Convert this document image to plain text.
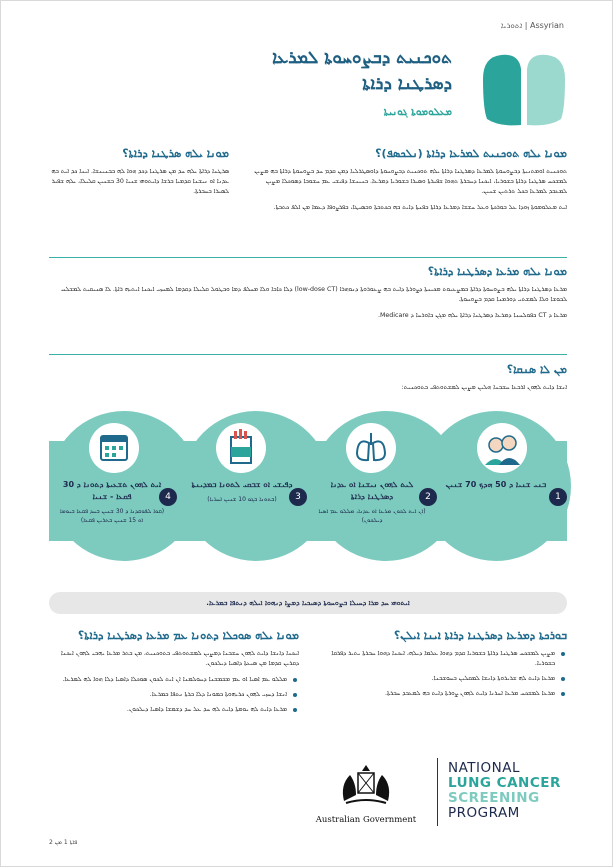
Assyrian | ܐܬܘܪܝܐ
ܬܘܟܢܝܬ ܕܒܨܘܚܘܬܐ ܠܡܪܥܐ
ܕܣܪܛܢܐ ܕܪܐܬܐ
ܡܥܠܘܡܘܬܐ ܓܘܢܝܬܐ
ܡܘܢܐ ܝܠܗ ܣܪܛܢܐ ܕܪܐܬܐ؟
ܣܪܛܢܐ ܕܪܐܬܐ ܝܠܗ ܚܕ ܡܢ ܣܪܛܢܐ ܕܟܕ ܗܘܐ ܠܗ ܒܒܢܝܢܫܐ. ܐܝܢܐ ܟܕ ܐܝܬ ܒܗ ܥܕܢܐ ܐܘ ܢܝܫܢܐ ܩܕܡܝܐ ܒܪܫܐ ܕܐܝܬܘܗܝ ܫܢܝܐ 30 ܒܫܢܝܢ ܩܠܝܠܐ، ܝܠܗ ܫܦܝܪ ܠܣܝܪܐ ܒܚܒܪܬܐ.
ܡܘܢܐ ܝܠܗ ܬܘܟܢܝܬ ܠܡܪܥܐ ܕܪܐܬܐ (ܢܠܟܣܦ)؟
ܬܘܟܢܝܬ ܐܘܡܬܢܝܬܐ ܕܒܨܘܚܘܬܐ ܠܡܪܥܐ ܕܣܪܛܢܐ ܕܪܐܬܐ ܝܠܗ ܬܘܟܢܝܬ ܕܒܨܘܚܘܬܐ ܕܐܘܣܛܪܠܝܐ ܕܡܢ ܩܕܡ ܚܕ ܒܨܘܚܘܬܐ ܕܪܐܬܐ ܒܗ ܡܨܝܢ ܠܡܫܟܚ ܣܪܛܢܐ ܕܪܐܬܐ ܒܫܘܪܝܐ، ܐܝܟܢܐ ܕܚܒܪܬܐ ܬܗܘܐ ܫܦܝܪܬܐ ܘܣܝܪܐ ܒܫܘܪܝܐ ܕܡܪܥܐ. ܒܢܝܢܫܐ ܕܦܝܫܝ ܥܡ ܚܫܘܒܐ ܕܣܘܟܠܐ ܡܨܝܢ ܠܡܥܒܕ ܠܡܪܥܐ ܒܟܠ ܬܪܬܝܢ ܫܢܝܢ.
ܐܝܬ ܡܥܠܘܡܘܬܐ ܙܘܕܐ ܥܠ ܒܘܪܟܬܐ ܘܥܠ ܚܫܫܐ ܕܡܪܥܐ ܕܪܐܬܐ ܒܦܢܬܐ ܕܐܝܬ ܒܗ ܒܟܬܒܬܐ ܘܒܣܝܛܐ، ܒܦܪܨܘܦܐ ܕܥܡܐ ܡܢ ܐܠܦ ܟܬܒܬܐ.
ܡܘܢܐ ܝܠܗ ܡܪܥܐ ܕܣܪܛܢܐ ܕܪܐܬܐ؟
ܡܪܥܐ ܕܣܪܛܢܐ ܕܪܐܬܐ ܝܠܗ ܒܨܘܚܘܬܐ ܕܪܐܬܐ ܒܡܨܥܝܘܬ ܡܟܝܢܬܐ ܕܨܘܪܬܐ ܕܐܝܬ ܒܗ ܨܥܘܪܘܬܐ ܕܢܘܗܪܐ (low-dose CT) ܕܠܐ ܟܐܒܐ ܘܠܐ ܡܚܠܦ ܕܡܐ ܘܒܛܘܠ ܩܠܝܠܐ ܕܩܕܡܐ ܠܡܚܙܝ ܐܝܟܢܐ ܐܝܬܝܗ ܪܐܬܐ. ܠܐ ܣܢܝܩܝܬ ܠܡܫܠܚ ܠܒܘܫܐ ܘܠܐ ܠܡܫܬܝ ܕܘܪܡܢܐ ܩܕܡ ܒܨܘܚܘܬܐ.
ܡܪܥܐ ܕ CT ܒܦܘܠܚܢܐ ܕܡܪܥܐ ܕܣܪܛܢܐ ܕܪܐܬܐ ܝܠܗ ܡܓܢ ܒܐܘܪܚܐ ܕ Medicare.
ܡܢ ܠܐ ܣܢܩܐ؟
ܐܢܫܐ ܕܐܝܬ ܠܗܘܢ ܐܪܒܥܐ ܚܫܒܢܐ ܗܠܝܢ ܡܨܝܢ ܠܡܫܬܘܬܦܝ ܒܬܘܟܢܝܬ:
4
ܐܝܬ ܠܗܘܢ ܬܫܥܝܬܐ ܕܬܘܢܐ ܕ 30 ܦܩܥܐ - ܫܢܝܐ
(ܩܘܐ ܠܦܘܩܕܢܐ ܕ 30 ܫܢܝܢ ܒܚܕ ܦܩܥܐ ܒܝܘܡܐ ܐܘ 15 ܫܢܝܢ ܒܬܪܝܢ ܦܩܥܐ)
3
ܕܦܝܫܝ ܐܘ ܫܒܩܝ ܠܬܘܢܐ ܒܡܕܝܢܬܐ
(ܒܬܘܢܐ ܒܓܘ 10 ܫܢܝܢ ܐܚܪܝܐ)	2
ܠܝܬ ܠܗܘܢ ܢܝܫܢܐ ܐܘ ܥܕܢܐ ܕܣܪܛܢܐ ܕܪܐܬܐ
(ܐܢ ܐܝܬ ܠܟܘܢ ܡܪܥܐ ܐܘ ܥܕܢܐ، ܡܠܠܘ ܥܡ ܐܣܝܐ ܕܝܠܟܘܢ)
1
ܒܢܝ ܫܢܝܐ ܕ 50 ܗܕܟ 70 ܫܢܝܢ
ܐܝܬܘܗܝ ܚܕ ܡܪܐ ܕܚܝܠܐ ܒܨܘܚܘܬܐ ܕܣܝܟܝܐ ܕܡܨܐ ܕܢܗܘܐ ܐܝܠܗ ܕܢܬܦܐ ܒܡܪܥܐ.
ܡܘܢܐ ܝܠܗ ܣܘܟܠܐ ܕܬܘܢܐ ܥܡ ܡܪܥܐ ܕܣܪܛܢܐ ܕܪܐܬܐ؟
ܐܝܟܢܐ ܕܐܢܫܐ ܕܐܝܬ ܠܗܘܢ ܚܫܒܢܐ ܕܡܨܝܢ ܠܡܫܬܘܬܦܝ ܒܬܘܟܢܝܬ، ܡܢ ܒܬܪ ܡܪܥܐ ܝܗܒܝ ܠܗܘܢ ܐܝܟܢܐ ܕܩܪܝܢ ܩܕܡܐ ܡܢ ܣܝܥܬܐ ܕܐܣܝܐ ܕܝܠܟܘܢ.
ܡܠܠܘ ܥܡ ܐܣܝܐ ܐܘ ܥܡ ܡܫܡܫܢܐ ܕܚܘܠܡܢܐ ܐܢ ܐܝܬ ܠܟܘܢ ܣܘܟܠܐ ܕܐܣܝܐ ܕܠܐ ܗܘܐ ܠܗ ܠܡܪܥܐ.
ܐܢܫܐ ܕܚܙܝ ܠܗܘܢ ܟܪܝܗܘܬܐ ܒܡܘܢܐ ܕܠܐ ܒܪܬܐ ܢܬܦܐ ܒܡܪܥܐ.
ܡܪܥܐ ܕܐܝܬ ܠܗ ܝܘܡܬܐ ܕܐܝܬ ܠܗ ܚܕ ܥܠ ܚܕ ܕܫܡܫܐ ܕܐܣܝܐ ܕܝܠܟܘܢ.
ܒܘܪܟܬܐ ܕܡܪܥܐ ܕܣܪܛܢܐ ܕܪܐܬܐ ܐܝܢܐ ܐܝܠܢ؟
ܡܨܝܢ ܠܡܫܟܚ ܣܪܛܢܐ ܕܪܐܬܐ ܒܫܘܪܝܐ ܩܕܡ ܕܗܘܐ ܥܠܡܐ ܕܝܠܗ، ܐܝܟܢܐ ܕܗܘܐ ܚܒܪܬܐ ܝܬܝܪ ܕܦܪܩܐ ܒܫܘܪܝܐ.
ܡܪܥܐ ܕܐܝܬ ܠܗ ܫܪܝܪܘܬܐ ܕܐܢܫܐ ܠܡܩܠܝܢ ܒܚܘܫܒܢܐ.
ܡܪܥܐ ܠܡܫܟܚ ܡܪܥܐ ܐܚܪܢܐ ܕܐܝܬ ܠܗܘܢ ܨܘܪܬܐ ܕܐܝܬ ܒܗ ܠܡܥܒܕ ܚܒܪܬܐ.
Australian Government
NATIONAL
LUNG CANCER
SCREENING
PROGRAM
ܦܐܬܐ 1 ܡܢ 2
